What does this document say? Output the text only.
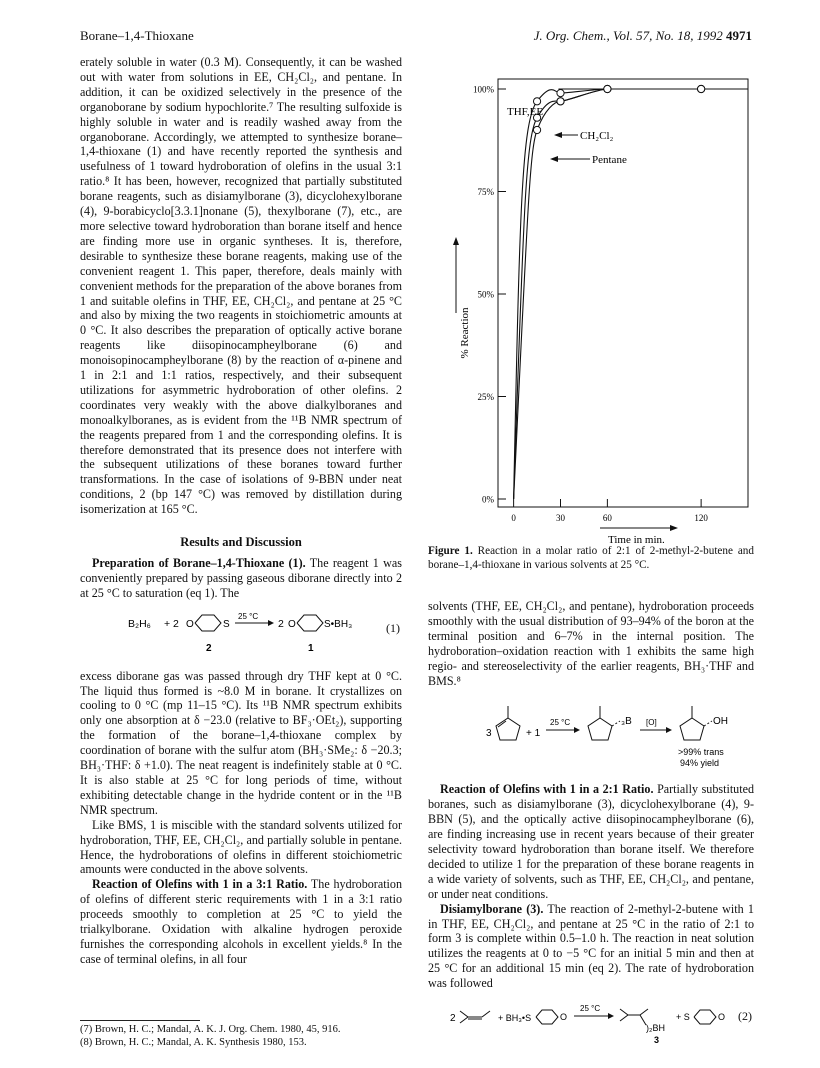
Borane–1,4-Thioxane	J. Org. Chem., Vol. 57, No. 18, 1992 4971

erately soluble in water (0.3 M). Consequently, it can be washed out with water from solutions in EE, CH₂Cl₂, and pentane. In addition, it can be oxidized selectively in the presence of the organoborane by sodium hypochlorite.⁷ The resulting sulfoxide is highly soluble in water and is readily washed away from the organoborane. Accordingly, we attempted to synthesize borane–1,4-thioxane (1) and have recently reported the synthesis and usefulness of 1 toward hydroboration of olefins in the usual 3:1 ratio.⁸ It has been, however, recognized that partially substituted borane reagents, such as disiamylborane (3), dicyclohexylborane (4), 9-borabicyclo[3.3.1]nonane (5), thexylborane (7), etc., are more selective toward hydroboration than borane itself and hence are finding more use in organic syntheses. It is, therefore, desirable to synthesize these borane reagents, making use of the convenient reagent 1. This paper, therefore, deals mainly with convenient methods for the preparation of the above boranes from 1 and suitable olefins in THF, EE, CH₂Cl₂, and pentane at 25 °C and also by mixing the two reagents in stoichiometric amounts at 0 °C. It also describes the preparation of optically active borane reagents like diisopinocampheylborane (6) and monoisopinocampheylborane (8) by the reaction of α-pinene and 1 in 2:1 and 1:1 ratios, respectively, and their subsequent utilizations for asymmetric hydroboration of other olefins. 2 coordinates very weakly with the above dialkylboranes and monoalkylboranes, as is evident from the ¹¹B NMR spectrum of the reagents prepared from 1 and the corresponding olefins. It is therefore demonstrated that its presence does not interfere with the subsequent utilizations of these boranes toward further transformations. In the case of isolations of 9-BBN under neat conditions, 2 (bp 147 °C) was removed by distillation during isomerization at 165 °C.

Results and Discussion

Preparation of Borane–1,4-Thioxane (1). The reagent 1 was conveniently prepared by passing gaseous diborane directly into 2 at 25 °C to saturation (eq 1). The

B₂H₆ + 2 O	S
25 °C
2 O	S•BH₃
2	1
(1)

excess diborane gas was passed through dry THF kept at 0 °C. The liquid thus formed is ~8.0 M in borane. It crystallizes on cooling to 0 °C (mp 11–15 °C). Its ¹¹B NMR spectrum exhibits only one absorption at δ −23.0 (relative to BF₃·OEt₂), supporting the formation of the borane–1,4-thioxane complex by coordination of borane with the sulfur atom (BH₃·SMe₂: δ −20.3; BH₃·THF: δ +1.0). The neat reagent is indefinitely stable at 0 °C. It is also stable at 25 °C for long periods of time, without exhibiting detectable change in the hydride content or in the ¹¹B NMR spectrum.

Like BMS, 1 is miscible with the standard solvents utilized for hydroboration, THF, EE, CH₂Cl₂, and partially soluble in pentane. Hence, the hydroborations of olefins in different stoichiometric amounts were conducted in the above solvents.

Reaction of Olefins with 1 in a 3:1 Ratio. The hydroboration of olefins of different steric requirements with 1 in a 3:1 ratio proceeds smoothly to completion at 25 °C to yield the trialkylborane. Oxidation with alkaline hydrogen peroxide furnishes the corresponding alcohols in excellent yields.⁸ In the case of terminal olefins, in all four

0%
25%
50%
75%
100%
0	30	60	120
% Reaction
Time in min.
THF,EE
CH₂Cl₂
Pentane
Figure 1. Reaction in a molar ratio of 2:1 of 2-methyl-2-butene and borane–1,4-thioxane in various solvents at 25 °C.

solvents (THF, EE, CH₂Cl₂, and pentane), hydroboration proceeds smoothly with the usual distribution of 93–94% of the boron at the terminal position and 6–7% in the internal position. The hydroboration–oxidation reaction with 1 exhibits the same high regio- and stereoselectivity of the earlier reagents, BH₃·THF and BMS.⁸

3	+ 1
25 °C	₃B [O]	OH
>99% trans
94% yield

Reaction of Olefins with 1 in a 2:1 Ratio. Partially substituted boranes, such as disiamylborane (3), dicyclohexylborane (4), 9-BBN (5), and the optically active diisopinocampheylborane (6), are finding increasing use in recent years because of their greater selectivity toward hydroboration than borane itself. We therefore decided to utilize 1 for the preparation of these borane reagents in a wide variety of solvents, such as THF, EE, CH₂Cl₂, and pentane, or under neat conditions.

Disiamylborane (3). The reaction of 2-methyl-2-butene with 1 in THF, EE, CH₂Cl₂, and pentane at 25 °C in the ratio of 2:1 to form 3 is complete within 0.5–1.0 h. The reaction in neat solution utilizes the reagents at 0 to −5 °C for an initial 5 min and then at 25 °C for an additional 15 min (eq 2). The rate of hydroboration was followed

2	+ BH₃•S	O
25 °C
)₂BH
+ S	O
3
(2)
(7) Brown, H. C.; Mandal, A. K. J. Org. Chem. 1980, 45, 916.
(8) Brown, H. C.; Mandal, A. K. Synthesis 1980, 153.
